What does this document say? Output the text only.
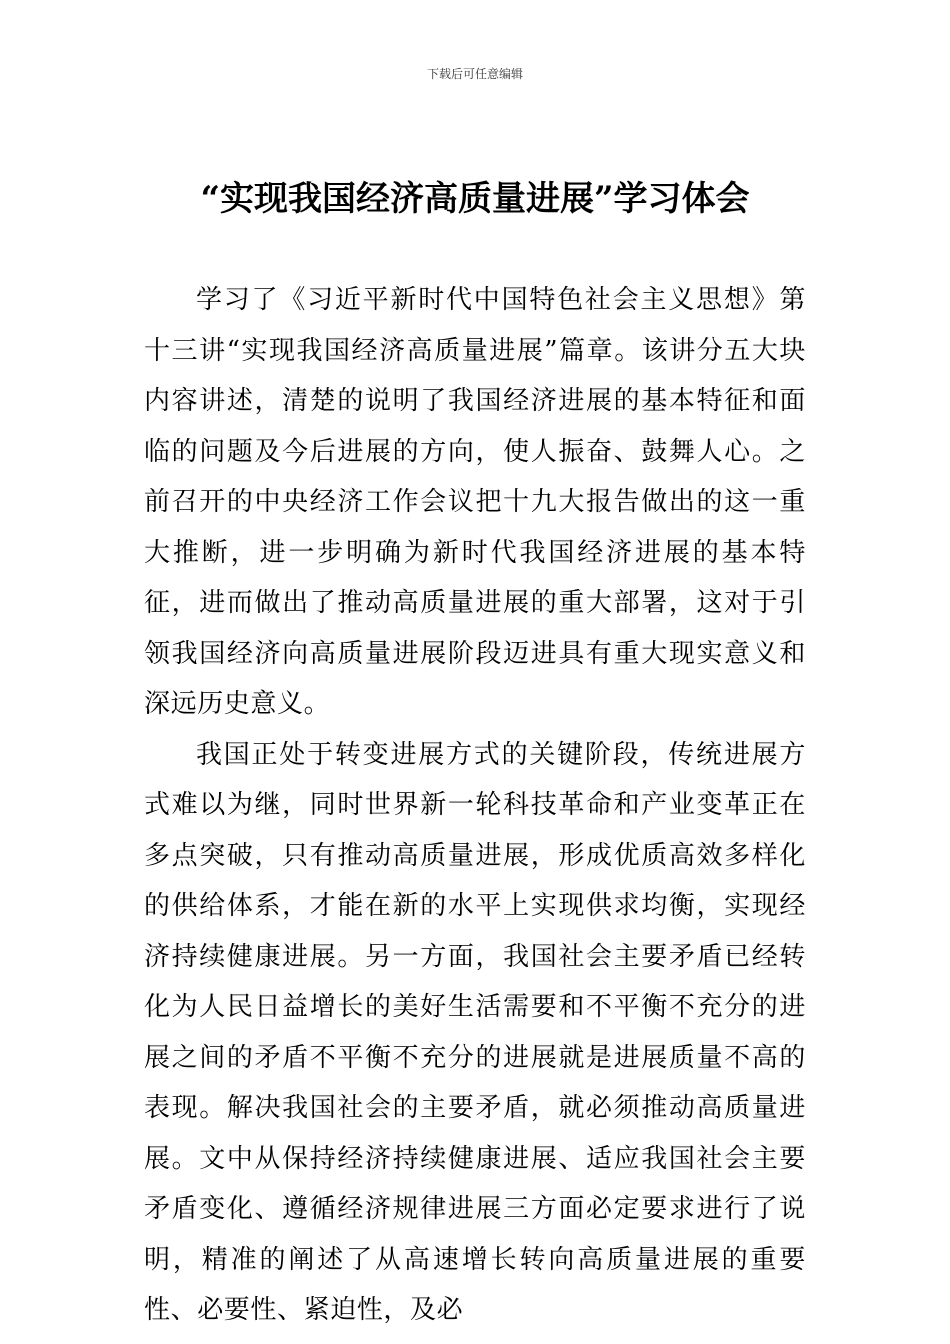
下载后可任意编辑
“实现我国经济高质量进展”学习体会

学习了《习近平新时代中国特色社会主义思想》第十三讲“实现我国经济高质量进展”篇章。该讲分五大块内容讲述，清楚的说明了我国经济进展的基本特征和面临的问题及今后进展的方向，使人振奋、鼓舞人心。之前召开的中央经济工作会议把十九大报告做出的这一重大推断，进一步明确为新时代我国经济进展的基本特征，进而做出了推动高质量进展的重大部署，这对于引领我国经济向高质量进展阶段迈进具有重大现实意义和深远历史意义。

我国正处于转变进展方式的关键阶段，传统进展方式难以为继，同时世界新一轮科技革命和产业变革正在多点突破，只有推动高质量进展，形成优质高效多样化的供给体系，才能在新的水平上实现供求均衡，实现经济持续健康进展。另一方面，我国社会主要矛盾已经转化为人民日益增长的美好生活需要和不平衡不充分的进展之间的矛盾不平衡不充分的进展就是进展质量不高的表现。解决我国社会的主要矛盾，就必须推动高质量进展。文中从保持经济持续健康进展、适应我国社会主要矛盾变化、遵循经济规律进展三方面必定要求进行了说明，精准的阐述了从高速增长转向高质量进展的重要性、必要性、紧迫性，及必
